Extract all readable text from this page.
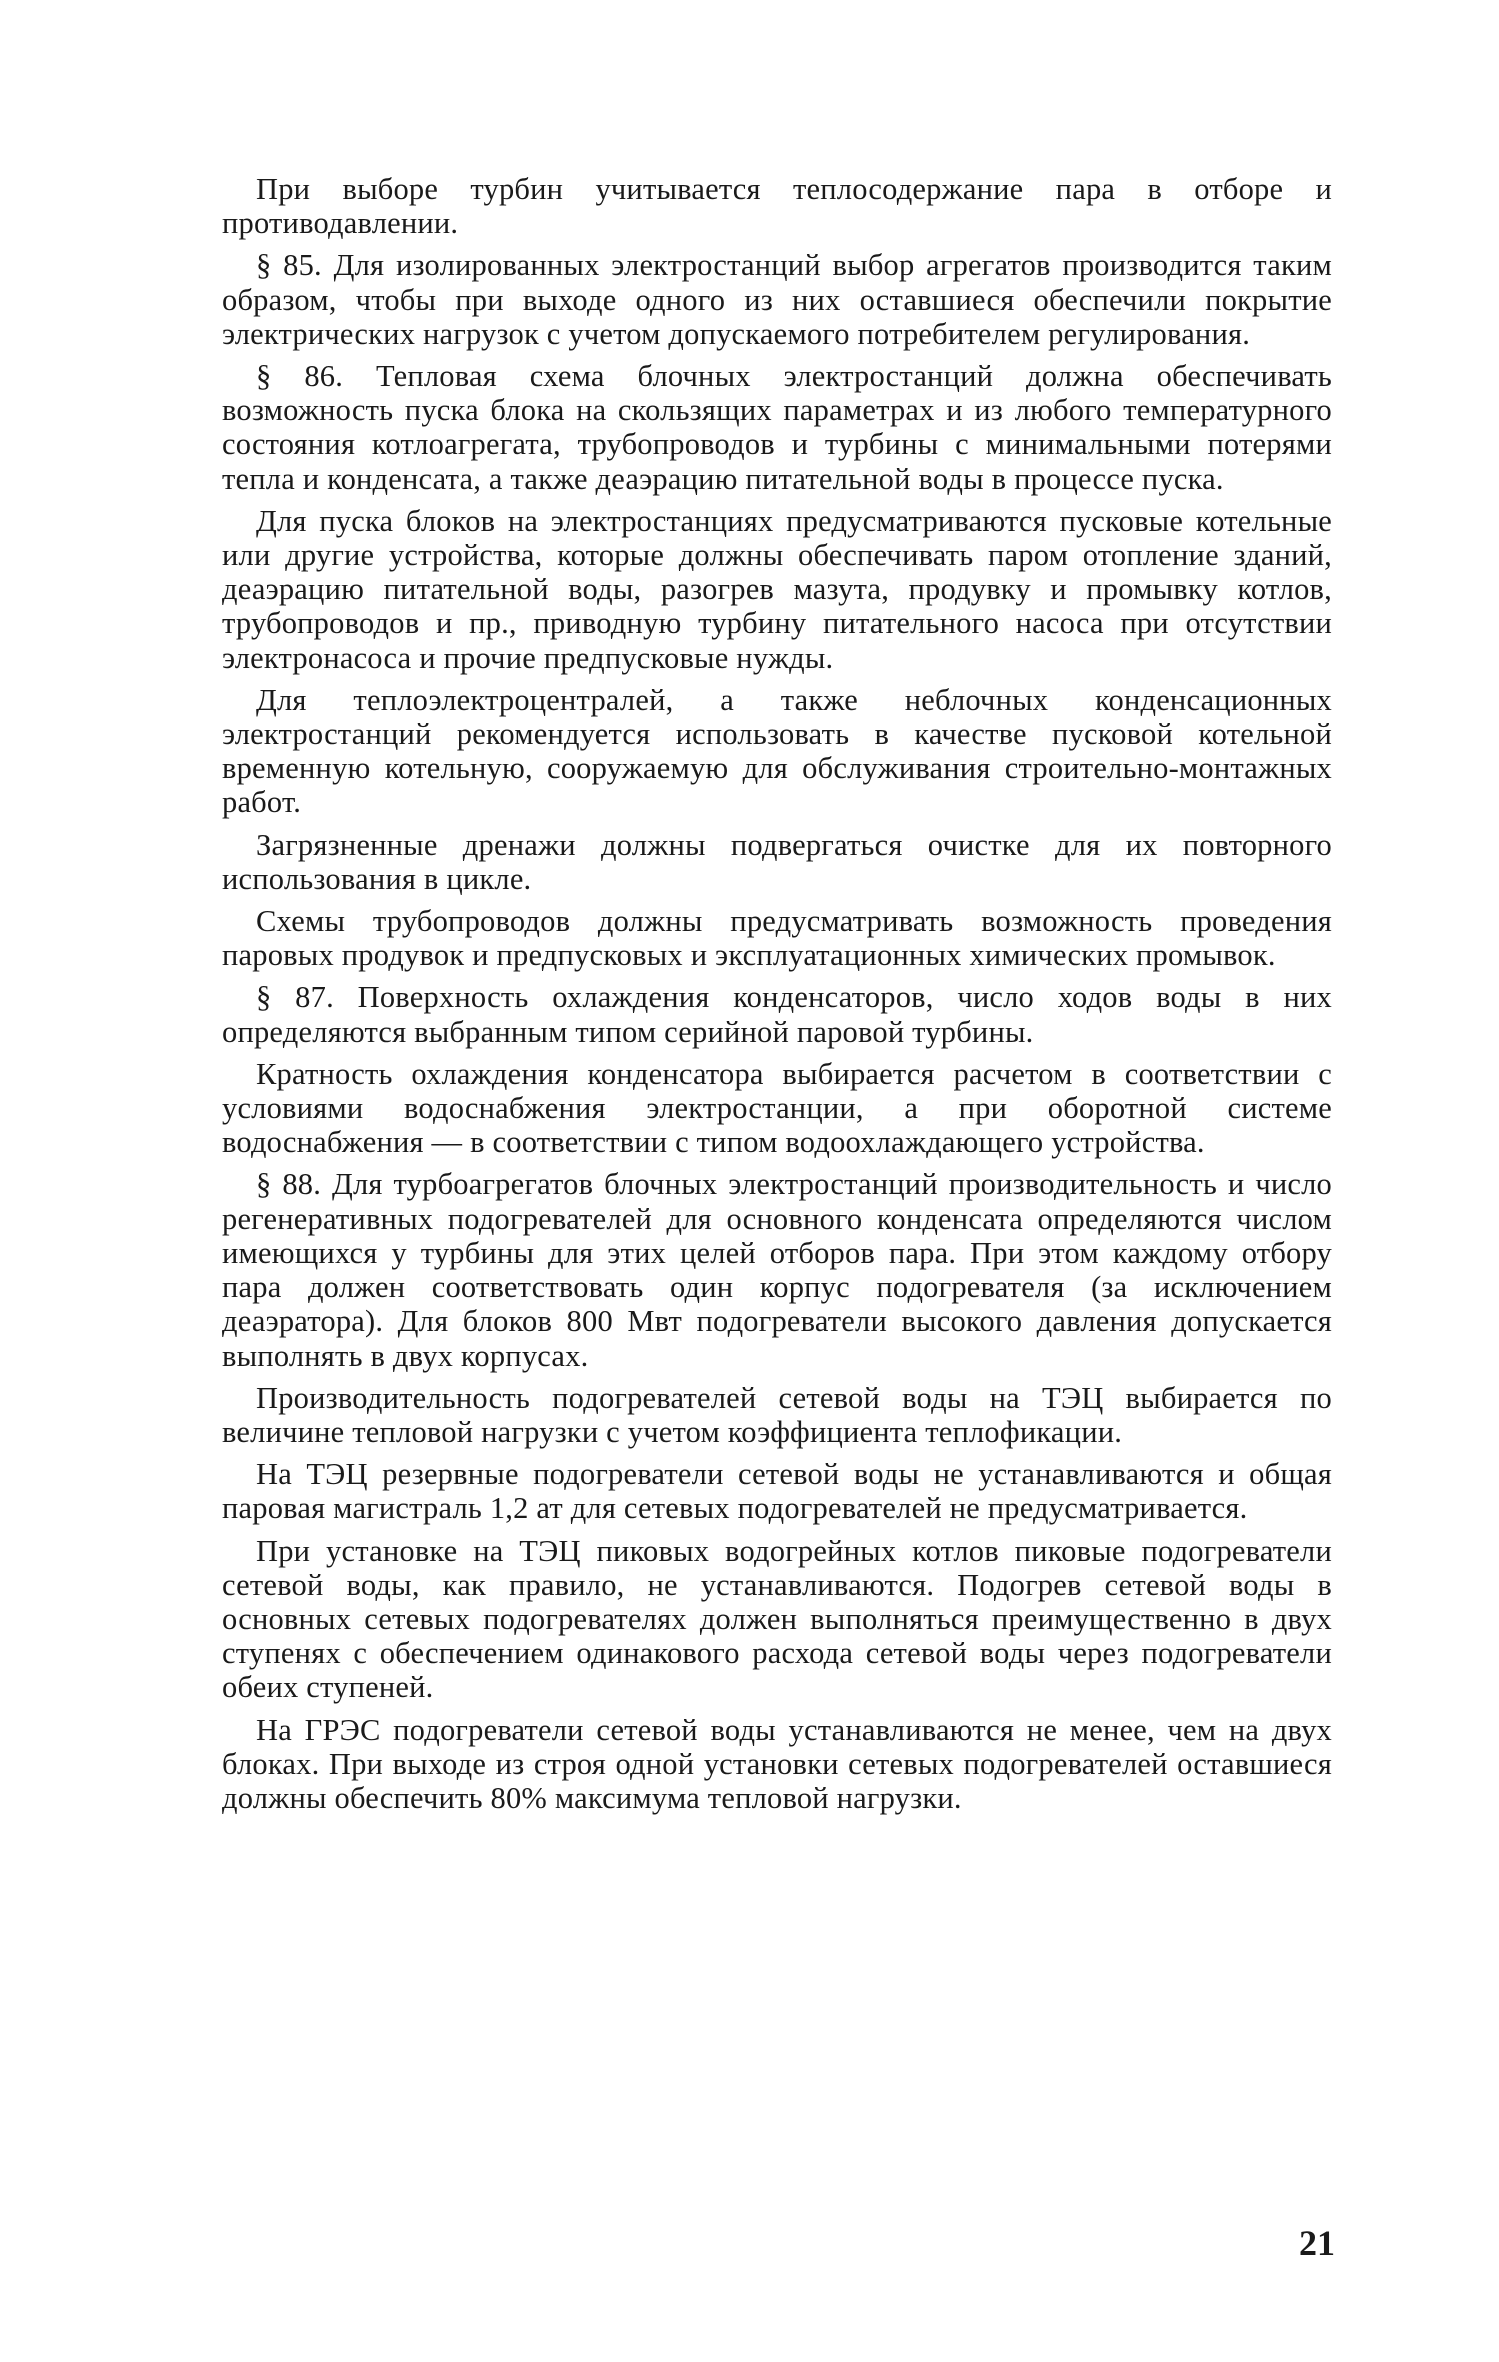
При выборе турбин учитывается теплосодержание пара в отборе и противодавлении.

§ 85. Для изолированных электростанций выбор агрегатов производится таким образом, чтобы при выходе одного из них оставшиеся обеспечили покрытие электрических нагрузок с учетом допускаемого потребителем регулирования.

§ 86. Тепловая схема блочных электростанций должна обеспечивать возможность пуска блока на скользящих параметрах и из любого температурного состояния котлоагрегата, трубопроводов и турбины с минимальными потерями тепла и конденсата, а также деаэрацию питательной воды в процессе пуска.

Для пуска блоков на электростанциях предусматриваются пусковые котельные или другие устройства, которые должны обеспечивать паром отопление зданий, деаэрацию питательной воды, разогрев мазута, продувку и промывку котлов, трубопроводов и пр., приводную турбину питательного насоса при отсутствии электронасоса и прочие предпусковые нужды.

Для теплоэлектроцентралей, а также неблочных конденсационных электростанций рекомендуется использовать в качестве пусковой котельной временную котельную, сооружаемую для обслуживания строительно-монтажных работ.

Загрязненные дренажи должны подвергаться очистке для их повторного использования в цикле.

Схемы трубопроводов должны предусматривать возможность проведения паровых продувок и предпусковых и эксплуатационных химических промывок.

§ 87. Поверхность охлаждения конденсаторов, число ходов воды в них определяются выбранным типом серийной паровой турбины.

Кратность охлаждения конденсатора выбирается расчетом в соответствии с условиями водоснабжения электростанции, а при оборотной системе водоснабжения — в соответствии с типом водоохлаждающего устройства.

§ 88. Для турбоагрегатов блочных электростанций производительность и число регенеративных подогревателей для основного конденсата определяются числом имеющихся у турбины для этих целей отборов пара. При этом каждому отбору пара должен соответствовать один корпус подогревателя (за исключением деаэратора). Для блоков 800 Мвт подогреватели высокого давления допускается выполнять в двух корпусах.

Производительность подогревателей сетевой воды на ТЭЦ выбирается по величине тепловой нагрузки с учетом коэффициента теплофикации.

На ТЭЦ резервные подогреватели сетевой воды не устанавливаются и общая паровая магистраль 1,2 ат для сетевых подогревателей не предусматривается.

При установке на ТЭЦ пиковых водогрейных котлов пиковые подогреватели сетевой воды, как правило, не устанавливаются. Подогрев сетевой воды в основных сетевых подогревателях должен выполняться преимущественно в двух ступенях с обеспечением одинакового расхода сетевой воды через подогреватели обеих ступеней.

На ГРЭС подогреватели сетевой воды устанавливаются не менее, чем на двух блоках. При выходе из строя одной установки сетевых подогревателей оставшиеся должны обеспечить 80% максимума тепловой нагрузки.

21
